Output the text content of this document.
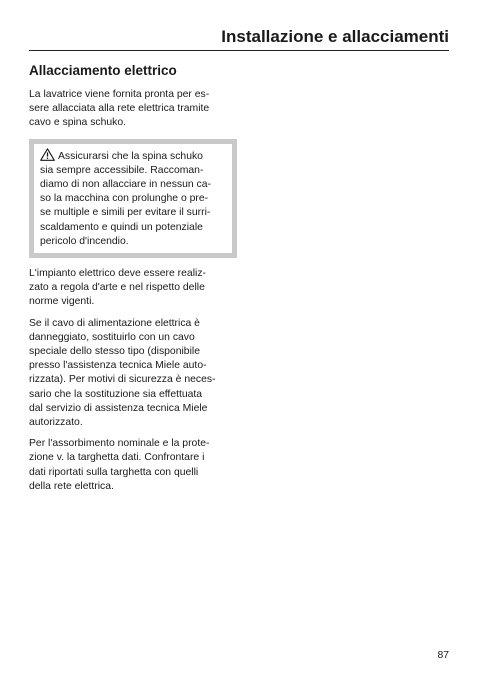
Installazione e allacciamenti
Allacciamento elettrico

La lavatrice viene fornita pronta per es-
sere allacciata alla rete elettrica tramite
cavo e spina schuko.

Assicurarsi che la spina schuko
sia sempre accessibile. Raccoman-
diamo di non allacciare in nessun ca-
so la macchina con prolunghe o pre-
se multiple e simili per evitare il surri-
scaldamento e quindi un potenziale
pericolo d'incendio.

L'impianto elettrico deve essere realiz-
zato a regola d'arte e nel rispetto delle
norme vigenti.

Se il cavo di alimentazione elettrica è
danneggiato, sostituirlo con un cavo
speciale dello stesso tipo (disponibile
presso l'assistenza tecnica Miele auto-
rizzata). Per motivi di sicurezza è neces-
sario che la sostituzione sia effettuata
dal servizio di assistenza tecnica Miele
autorizzato.

Per l'assorbimento nominale e la prote-
zione v. la targhetta dati. Confrontare i
dati riportati sulla targhetta con quelli
della rete elettrica.

87
